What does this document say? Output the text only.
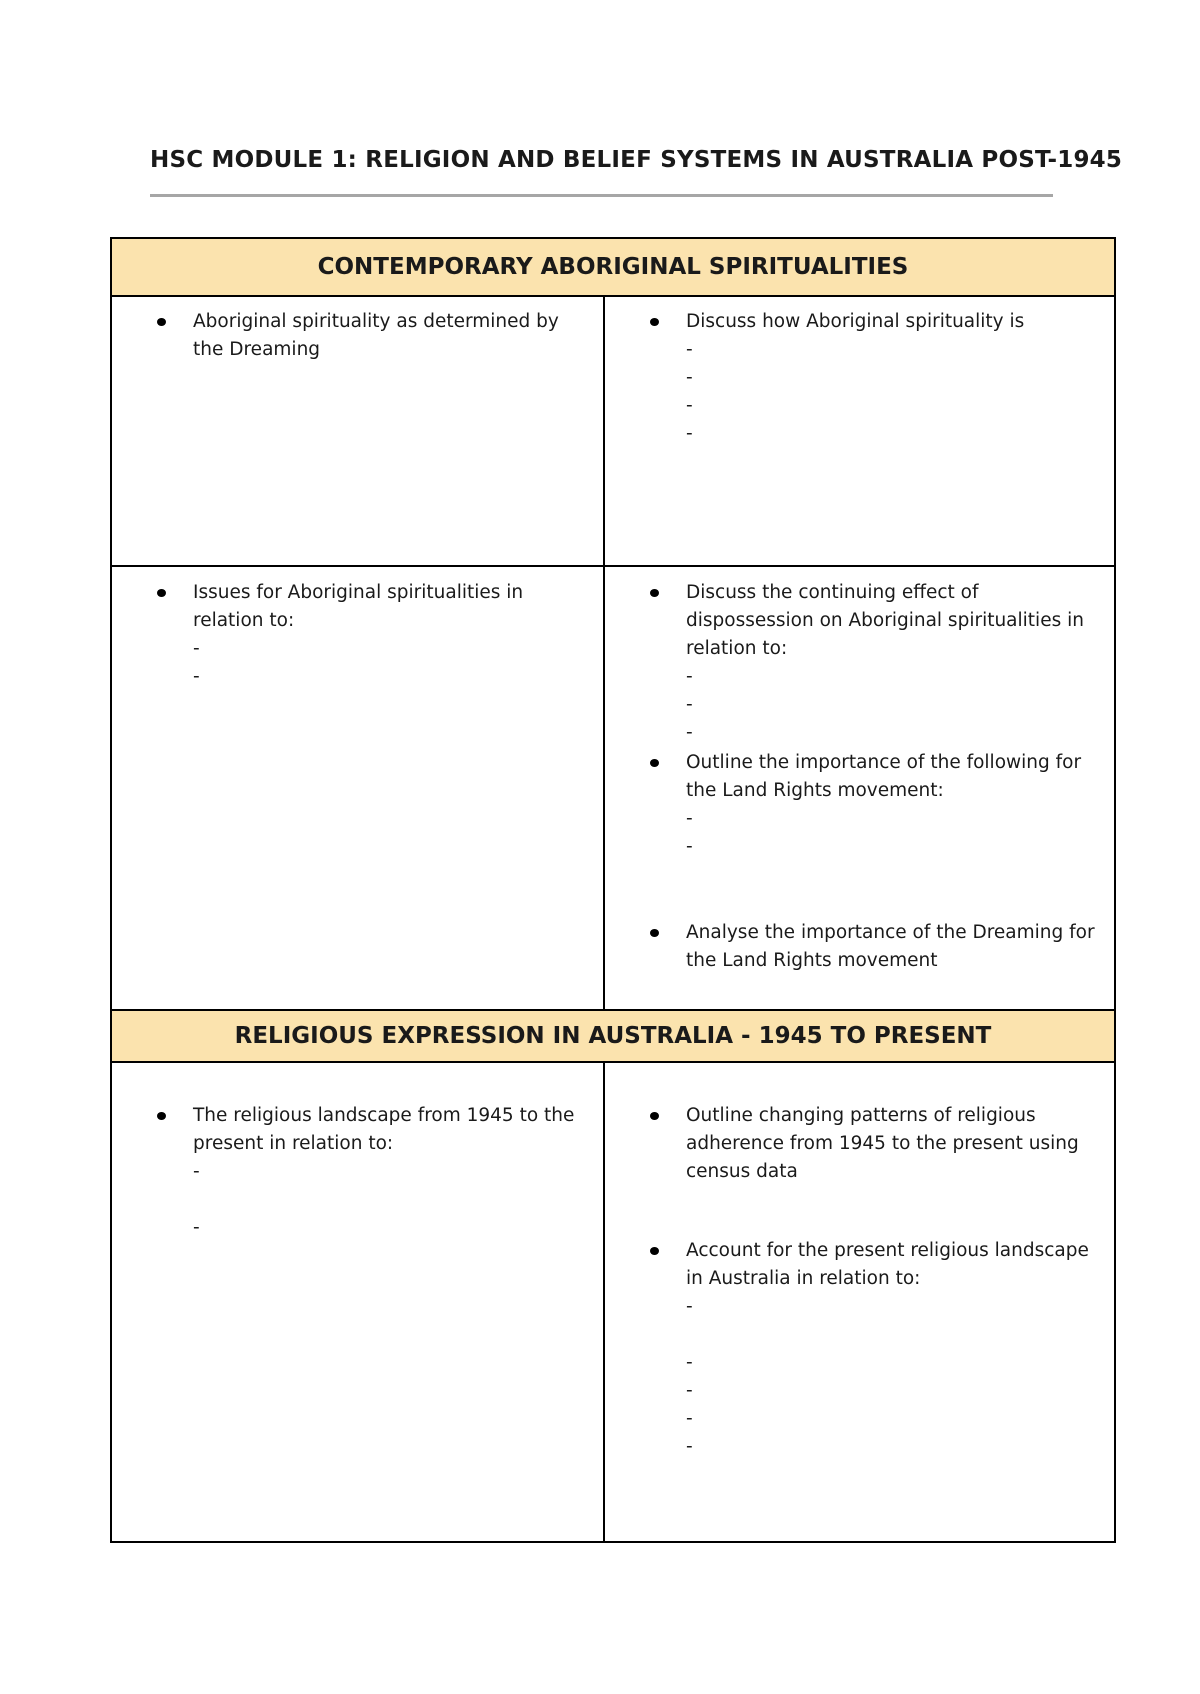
HSC MODULE 1: RELIGION AND BELIEF SYSTEMS IN AUSTRALIA POST-1945
CONTEMPORARY ABORIGINAL SPIRITUALITIES
Aboriginal spirituality as determined by the Dreaming
Discuss how Aboriginal spirituality is
-
-
-
-
Issues for Aboriginal spiritualities in relation to:
-
-
Discuss the continuing effect of dispossession on Aboriginal spiritualities in relation to:
-
-
-
Outline the importance of the following for the Land Rights movement:
-
-
Analyse the importance of the Dreaming for the Land Rights movement
RELIGIOUS EXPRESSION IN AUSTRALIA - 1945 TO PRESENT
The religious landscape from 1945 to the present in relation to:
-
-
Outline changing patterns of religious adherence from 1945 to the present using census data
Account for the present religious landscape in Australia in relation to:
-
-
-
-
-
